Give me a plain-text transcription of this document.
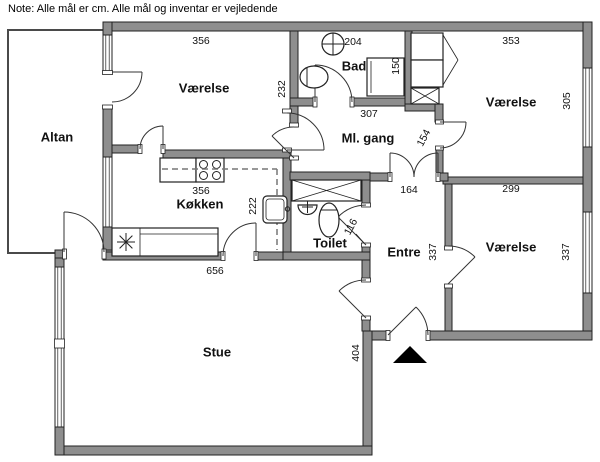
Note: Alle mål er cm. Alle mål og inventar er vejledende
Altan
Værelse
Bad
Værelse
Ml. gang
Køkken
Toilet
Entre	Værelse
Stue
356
232
204
150
307
353
305
154
164
356
222
656
116
299
337	337
404
